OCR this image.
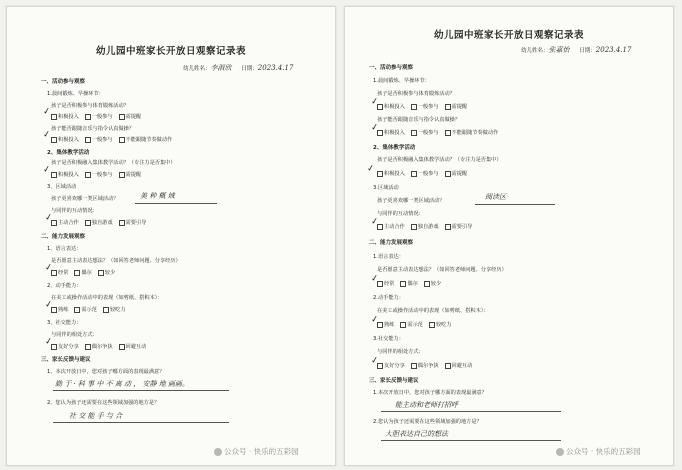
幼儿园中班家长开放日观察记录表
幼儿姓名：李淑欣 日期：2023.4.17
一、活动参与观察
1.晨间锻炼、早操环节：
孩子是否积极参与体育锻炼活动？
积极投入	一般参与	需提醒
孩子能否跟随音乐与指令认真做操？
积极投入	一般参与	不能跟随节奏做动作
2、集体教学活动
孩子是否积极融入集体教学活动？（专注力是否集中）
积极投入	一般参与	需提醒
3、区域活动
孩子更喜欢哪一类区域活动？	美 种 概 域
与同伴的互动情况：
主动合作	独自游戏	需要引导
二、能力发展观察
1、语言表达：
是否愿意主动表达想法？（如回答老师问题、分享经历）
经常	偶尔	较少
2、动手能力：
在美工或操作活动中的表现（如剪纸、搭积木）：
熟练	需示范	较吃力
3、社交能力：
与同伴的相处方式：
友好分享	偶尔争执	回避互动
三、家长反馈与建议
1、本次开放日中，您对孩子哪方面的表现最满意？
勤 于 · 科 事 中 不 离 动 ， 安静 地 画画。
2、您认为孩子还需要在这些领域加强的地方是？
社 交 能 手 与 合
✓
✓
✓
✓
✓
✓
✓
幼儿园中班家长开放日观察记录表
幼儿姓名：张嘉怡 日期：2023.4.17
一、活动参与观察
1.晨间锻炼、早操环节：
孩子是否积极参与体育锻炼活动？
积极投入	一般参与	需提醒
孩子能否跟随音乐与指令认真做操？
积极投入	一般参与	不能跟随节奏做动作
2、集体教学活动
孩子是否积极融入集体教学活动？（专注力是否集中）
积极投入	一般参与	需提醒
3.区域活动
孩子更喜欢哪一类区域活动？	阅读区
与同伴的互动情况：
主动合作	独自游戏	需要引导
二、能力发展观察
1.语言表达：
是否愿意主动表达想法？（如回答老师问题、分享经历）
经常	偶尔	较少
2.动手能力：
在美工或操作活动中的表现（如剪纸、搭积木）：
熟练	需示范	较吃力
3.社交能力：
与同伴的相处方式：
友好分享	偶尔争执	回避互动
三、家长反馈与建议
1.本次开放日中，您对孩子哪方面的表现最满意？
能主动和老师打招呼
2.您认为孩子还需要在这些领域加强的地方是？
大胆表达自己的想法
✓
✓
✓
✓
✓
✓
✓
公众号 · 快乐的五彩园	公众号 · 快乐的五彩园
